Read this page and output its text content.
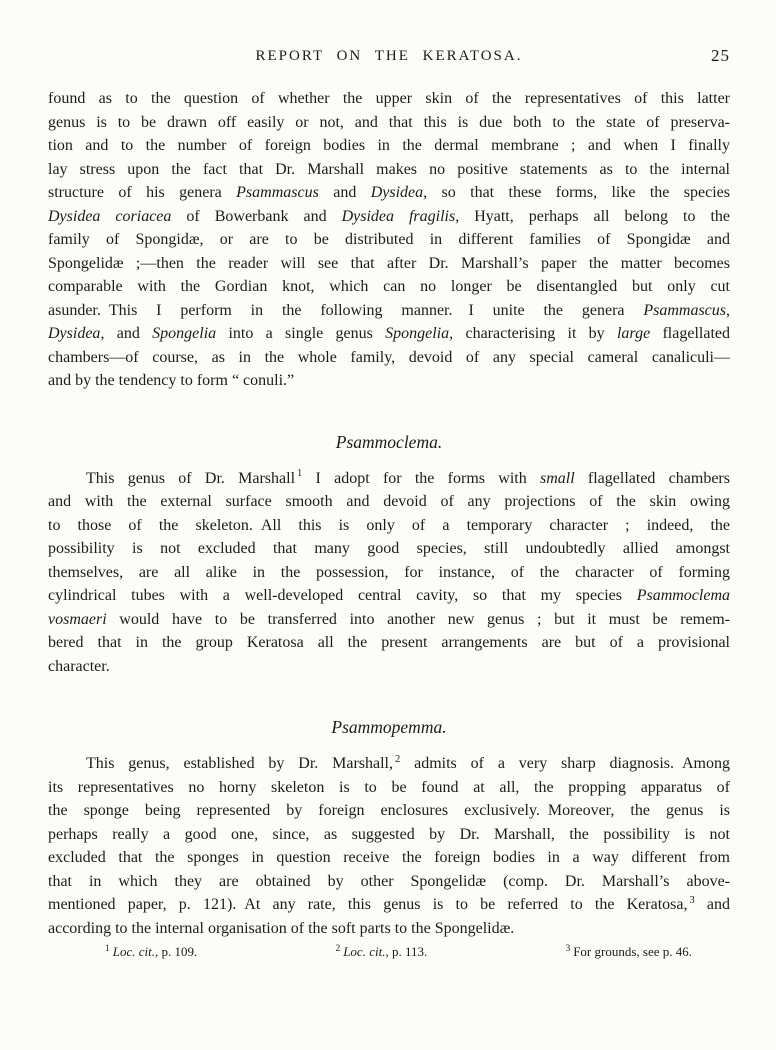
REPORT ON THE KERATOSA.	25
found as to the question of whether the upper skin of the representatives of this latter
genus is to be drawn off easily or not, and that this is due both to the state of preserva-
tion and to the number of foreign bodies in the dermal membrane ; and when I finally
lay stress upon the fact that Dr. Marshall makes no positive statements as to the internal
structure of his genera Psammascus and Dysidea, so that these forms, like the species
Dysidea coriacea of Bowerbank and Dysidea fragilis, Hyatt, perhaps all belong to the
family of Spongidæ, or are to be distributed in different families of Spongidæ and
Spongelidæ ;—then the reader will see that after Dr. Marshall’s paper the matter becomes
comparable with the Gordian knot, which can no longer be disentangled but only cut
asunder. This I perform in the following manner.  I unite the genera Psammascus,
Dysidea, and Spongelia into a single genus Spongelia, characterising it by large flagellated
chambers—of course, as in the whole family, devoid of any special cameral canaliculi—
and by the tendency to form “ conuli.”
Psammoclema.
This genus of Dr. Marshall $^1$ I adopt for the forms with small flagellated chambers
and with the external surface smooth and devoid of any projections of the skin owing
to those of the skeleton. All this is only of a temporary character ; indeed, the
possibility is not excluded that many good species, still undoubtedly allied amongst
themselves, are all alike in the possession, for instance, of the character of forming
cylindrical tubes with a well-developed central cavity, so that my species Psammoclema
vosmaeri would have to be transferred into another new genus ; but it must be remem-
bered that in the group Keratosa all the present arrangements are but of a provisional
character.
Psammopemma.
This genus, established by Dr. Marshall, $^2$ admits of a very sharp diagnosis. Among
its representatives no horny skeleton is to be found at all, the propping apparatus of
the sponge being represented by foreign enclosures exclusively. Moreover, the genus is
perhaps really a good one, since, as suggested by Dr. Marshall, the possibility is not
excluded that the sponges in question receive the foreign bodies in a way different from
that in which they are obtained by other Spongelidæ (comp. Dr. Marshall’s above-
mentioned paper, p. 121). At any rate, this genus is to be referred to the Keratosa, $^3$ and
according to the internal organisation of the soft parts to the Spongelidæ.
$^1$ Loc. cit., p. 109.	$^2$ Loc. cit., p. 113.	$^3$ For grounds, see p. 46.
